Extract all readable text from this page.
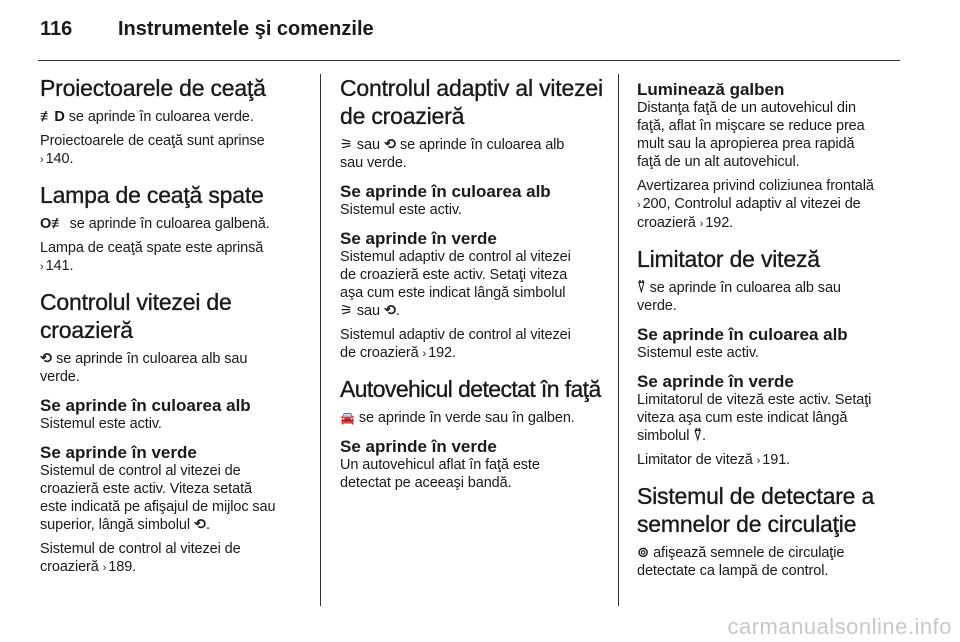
116 Instrumentele şi comenzile
Proiectoarele de ceaţă

≢D se aprinde în culoarea verde.

Proiectoarele de ceaţă sunt aprinse
› 140.

Lampa de ceaţă spate

O≢ se aprinde în culoarea galbenă.

Lampa de ceaţă spate este aprinsă
› 141.

Controlul vitezei de
croazieră

⟲ se aprinde în culoarea alb sau
verde.

Se aprinde în culoarea alb

Sistemul este activ.

Se aprinde în verde

Sistemul de control al vitezei de
croazieră este activ. Viteza setată
este indicată pe afişajul de mijloc sau
superior, lângă simbolul ⟲.

Sistemul de control al vitezei de
croazieră › 189.

Controlul adaptiv al vitezei
de croazieră

⚞ sau ⟲ se aprinde în culoarea alb
sau verde.

Se aprinde în culoarea alb

Sistemul este activ.

Se aprinde în verde

Sistemul adaptiv de control al vitezei
de croazieră este activ. Setaţi viteza
aşa cum este indicat lângă simbolul
⚞ sau ⟲.

Sistemul adaptiv de control al vitezei
de croazieră › 192.

Autovehicul detectat în faţă

🚘 se aprinde în verde sau în galben.

Se aprinde în verde

Un autovehicul aflat în faţă este
detectat pe aceeaşi bandă.

Luminează galben

Distanţa faţă de un autovehicul din
faţă, aflat în mişcare se reduce prea
mult sau la apropierea prea rapidă
faţă de un alt autovehicul.

Avertizarea privind coliziunea frontală
› 200, Controlul adaptiv al vitezei de
croazieră › 192.

Limitator de viteză

⍢ se aprinde în culoarea alb sau
verde.

Se aprinde în culoarea alb

Sistemul este activ.

Se aprinde în verde

Limitatorul de viteză este activ. Setaţi
viteza aşa cum este indicat lângă
simbolul ⍢.

Limitator de viteză › 191.

Sistemul de detectare a
semnelor de circulaţie

⊚ afişează semnele de circulaţie
detectate ca lampă de control.

carmanualsonline.info
